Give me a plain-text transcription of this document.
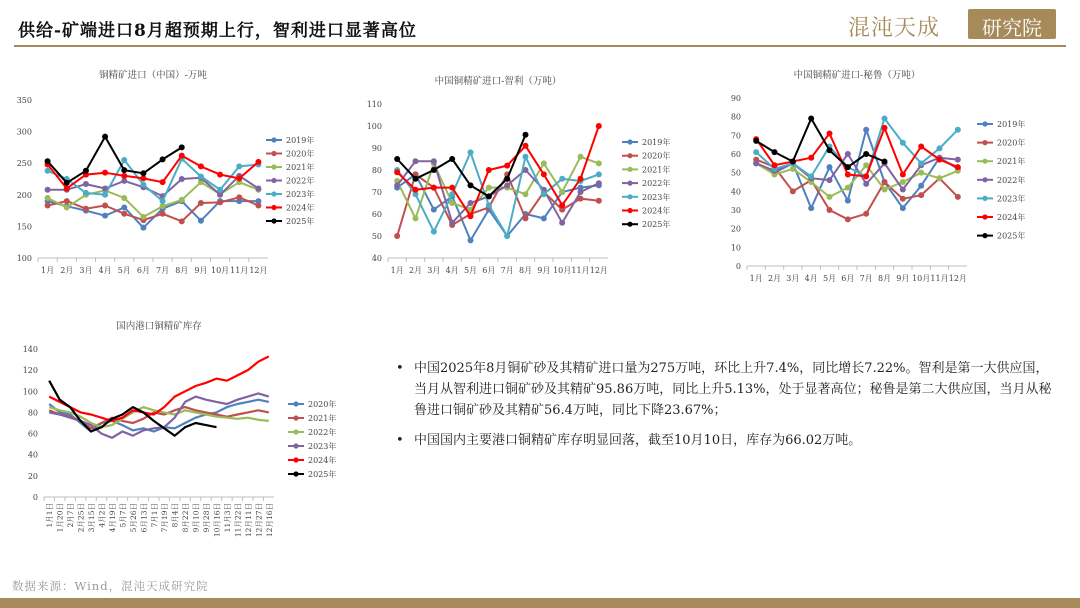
供给-矿端进口8月超预期上行，智利进口显著高位	混沌天成	研究院
铜精矿进口（中国）-万吨
100
150
200
250
300
350
1月 2月 3月 4月 5月 6月 7月 8月 9月 10月 11月 12月
2019年
2020年
2021年
2022年
2023年
2024年
2025年
中国铜精矿进口-智利（万吨）
40
50
60
70
80
90
100
110
1月 2月 3月 4月 5月 6月 7月 8月 9月 10月 11月 12月
2019年
2020年
2021年
2022年
2023年
2024年
2025年
中国铜精矿进口-秘鲁（万吨）
0
10
20
30
40
50
60
70
80
90
1月 2月 3月 4月 5月 6月 7月 8月 9月 10月 11月 12月
2019年
2020年
2021年
2022年
2023年
2024年
2025年
国内港口铜精矿库存
0
20
40
60
80
100
120
140
1月1日 1月20日 2月7日 2月25日 3月15日 4月2日 4月19日 5月7日 5月26日 6月13日 7月1日 7月19日 8月4日 8月22日 9月10日 9月28日 10月16日 11月3日 11月22日 12月11日 12月27日 12月16日
2020年
2021年
2022年
2023年
2024年
2025年
• 中国2025年8月铜矿砂及其精矿进口量为275万吨，环比上升7.4%，同比增长7.22%。智利是第一大供应国，当月从智利进口铜矿砂及其精矿95.86万吨，同比上升5.13%，处于显著高位；秘鲁是第二大供应国，当月从秘鲁进口铜矿砂及其精矿56.4万吨，同比下降23.67%；
• 中国国内主要港口铜精矿库存明显回落，截至10月10日，库存为66.02万吨。
数据来源：Wind，混沌天成研究院
